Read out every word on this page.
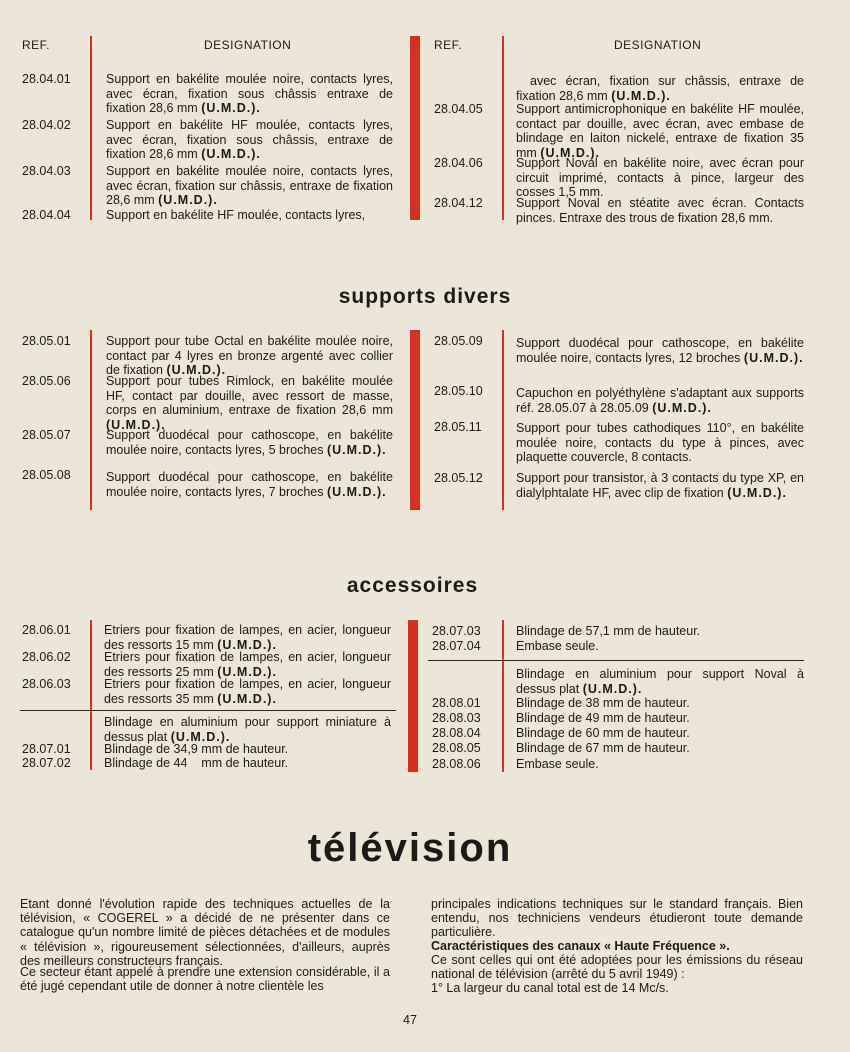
REF.	DESIGNATION	REF.	DESIGNATION
28.04.01	Support en bakélite moulée noire, contacts lyres, avec écran, fixation sous châssis entraxe de fixation 28,6 mm (U.M.D.).
28.04.02	Support en bakélite HF moulée, contacts lyres, avec écran, fixation sous châssis, entraxe de fixation 28,6 mm (U.M.D.).
28.04.03	Support en bakélite moulée noire, contacts lyres, avec écran, fixation sur châssis, entraxe de fixation 28,6 mm (U.M.D.).
28.04.04	Support en bakélite HF moulée, contacts lyres,
avec écran, fixation sur châssis, entraxe de fixation 28,6 mm (U.M.D.).
28.04.05	Support antimicrophonique en bakélite HF moulée, contact par douille, avec écran, avec embase de blindage en laiton nickelé, entraxe de fixation 35 mm (U.M.D.).
28.04.06	Support Noval en bakélite noire, avec écran pour circuit imprimé, contacts à pince, largeur des cosses 1,5 mm.
28.04.12	Support Noval en stéatite avec écran. Contacts pinces. Entraxe des trous de fixation 28,6 mm.
supports divers
28.05.01	Support pour tube Octal en bakélite moulée noire, contact par 4 lyres en bronze argenté avec collier de fixation (U.M.D.).
28.05.06	Support pour tubes Rimlock, en bakélite moulée HF, contact par douille, avec ressort de masse, corps en aluminium, entraxe de fixation 28,6 mm (U.M.D.).
28.05.07	Support duodécal pour cathoscope, en bakélite moulée noire, contacts lyres, 5 broches (U.M.D.).
28.05.08	Support duodécal pour cathoscope, en bakélite moulée noire, contacts lyres, 7 broches (U.M.D.).
28.05.09	Support duodécal pour cathoscope, en bakélite moulée noire, contacts lyres, 12 broches (U.M.D.).
28.05.10	Capuchon en polyéthylène s'adaptant aux supports réf. 28.05.07 à 28.05.09 (U.M.D.).
28.05.11	Support pour tubes cathodiques 110°, en bakélite moulée noire, contacts du type à pinces, avec plaquette couvercle, 8 contacts.
28.05.12	Support pour transistor, à 3 contacts du type XP, en dialylphtalate HF, avec clip de fixation (U.M.D.).
accessoires
28.06.01	Etriers pour fixation de lampes, en acier, longueur des ressorts 15 mm (U.M.D.).
28.06.02	Etriers pour fixation de lampes, en acier, longueur des ressorts 25 mm (U.M.D.).
28.06.03	Etriers pour fixation de lampes, en acier, longueur des ressorts 35 mm (U.M.D.).
Blindage en aluminium pour support miniature à dessus plat (U.M.D.).
28.07.01	Blindage de 34,9 mm de hauteur.
28.07.02	Blindage de 44    mm de hauteur.
28.07.03	Blindage de 57,1 mm de hauteur.
28.07.04	Embase seule.
Blindage en aluminium pour support Noval à dessus plat (U.M.D.).
28.08.01	Blindage de 38 mm de hauteur.
28.08.03	Blindage de 49 mm de hauteur.
28.08.04	Blindage de 60 mm de hauteur.
28.08.05	Blindage de 67 mm de hauteur.
28.08.06	Embase seule.
télévision
Etant donné l'évolution rapide des techniques actuelles de la télévision, « COGEREL » a décidé de ne présenter dans ce catalogue qu'un nombre limité de pièces détachées et de modules « télévision », rigoureusement sélectionnées, d'ailleurs, auprès des meilleurs constructeurs français.
Ce secteur étant appelé à prendre une extension considérable, il a été jugé cependant utile de donner à notre clientèle les
principales indications techniques sur le standard français. Bien entendu, nos techniciens vendeurs étudieront toute demande particulière.
Caractéristiques des canaux « Haute Fréquence ».
Ce sont celles qui ont été adoptées pour les émissions du réseau national de télévision (arrêté du 5 avril 1949) :
1° La largeur du canal total est de 14 Mc/s.
47
